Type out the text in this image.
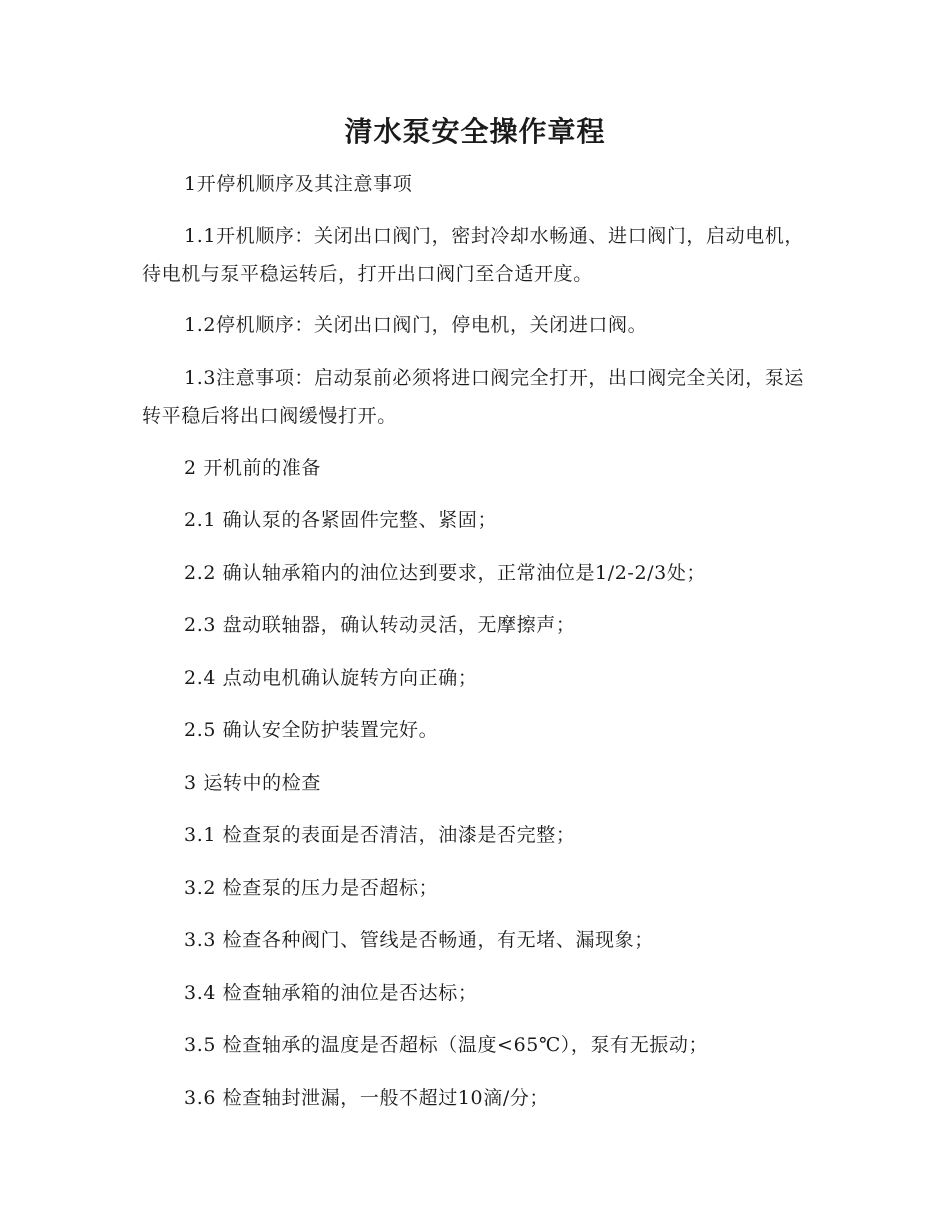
清水泵安全操作章程

1开停机顺序及其注意事项

1.1开机顺序：关闭出口阀门，密封冷却水畅通、进口阀门，启动电机，待电机与泵平稳运转后，打开出口阀门至合适开度。

1.2停机顺序：关闭出口阀门，停电机，关闭进口阀。

1.3注意事项：启动泵前必须将进口阀完全打开，出口阀完全关闭，泵运转平稳后将出口阀缓慢打开。

2 开机前的准备

2.1 确认泵的各紧固件完整、紧固；

2.2 确认轴承箱内的油位达到要求，正常油位是1/2-2/3处；

2.3 盘动联轴器，确认转动灵活，无摩擦声；

2.4 点动电机确认旋转方向正确；

2.5 确认安全防护装置完好。

3 运转中的检查

3.1 检查泵的表面是否清洁，油漆是否完整；

3.2 检查泵的压力是否超标；

3.3 检查各种阀门、管线是否畅通，有无堵、漏现象；

3.4 检查轴承箱的油位是否达标；

3.5 检查轴承的温度是否超标（温度<65℃），泵有无振动；

3.6 检查轴封泄漏，一般不超过10滴/分；
